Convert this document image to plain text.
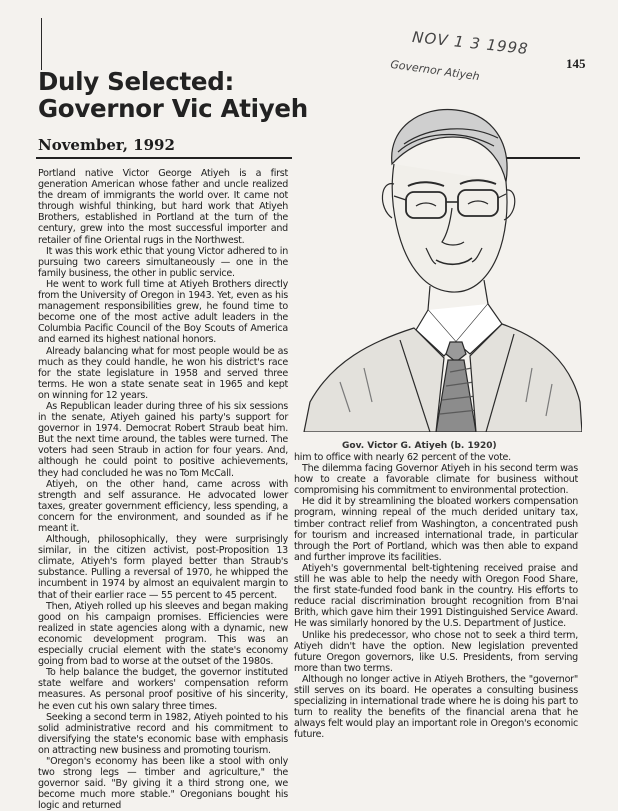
NOV 1 3 1998
Governor Atiyeh	145
Duly Selected:
Governor Vic Atiyeh
November, 1992
Gov. Victor G. Atiyeh (b. 1920)

Portland native Victor George Atiyeh is a first generation American whose father and uncle realized the dream of immigrants the world over. It came not through wishful thinking, but hard work that Atiyeh Brothers, established in Portland at the turn of the century, grew into the most successful importer and retailer of fine Oriental rugs in the Northwest.

It was this work ethic that young Victor adhered to in pursuing two careers simultaneously — one in the family business, the other in public service.

He went to work full time at Atiyeh Brothers directly from the University of Oregon in 1943. Yet, even as his management responsibilities grew, he found time to become one of the most active adult leaders in the Columbia Pacific Council of the Boy Scouts of America and earned its highest national honors.

Already balancing what for most people would be as much as they could handle, he won his district's race for the state legislature in 1958 and served three terms. He won a state senate seat in 1965 and kept on winning for 12 years.

As Republican leader during three of his six sessions in the senate, Atiyeh gained his party's support for governor in 1974. Democrat Robert Straub beat him. But the next time around, the tables were turned. The voters had seen Straub in action for four years. And, although he could point to positive achievements, they had concluded he was no Tom McCall.

Atiyeh, on the other hand, came across with strength and self assurance. He advocated lower taxes, greater government efficiency, less spending, a concern for the environment, and sounded as if he meant it.

Although, philosophically, they were surprisingly similar, in the citizen activist, post-Proposition 13 climate, Atiyeh's form played better than Straub's substance. Pulling a reversal of 1970, he whipped the incumbent in 1974 by almost an equivalent margin to that of their earlier race — 55 percent to 45 percent.

Then, Atiyeh rolled up his sleeves and began making good on his campaign promises. Efficiencies were realized in state agencies along with a dynamic, new economic development program. This was an especially crucial element with the state's economy going from bad to worse at the outset of the 1980s.

To help balance the budget, the governor instituted state welfare and workers' compensation reform measures. As personal proof positive of his sincerity, he even cut his own salary three times.

Seeking a second term in 1982, Atiyeh pointed to his solid administrative record and his commitment to diversifying the state's economic base with emphasis on attracting new business and promoting tourism.

"Oregon's economy has been like a stool with only two strong legs — timber and agriculture," the governor said. "By giving it a third strong one, we become much more stable." Oregonians bought his logic and returned

him to office with nearly 62 percent of the vote.

The dilemma facing Governor Atiyeh in his second term was how to create a favorable climate for business without compromising his commitment to environmental protection.

He did it by streamlining the bloated workers compensation program, winning repeal of the much derided unitary tax, timber contract relief from Washington, a concentrated push for tourism and increased international trade, in particular through the Port of Portland, which was then able to expand and further improve its facilities.

Atiyeh's governmental belt-tightening received praise and still he was able to help the needy with Oregon Food Share, the first state-funded food bank in the country. His efforts to reduce racial discrimination brought recognition from B'nai Brith, which gave him their 1991 Distinguished Service Award. He was similarly honored by the U.S. Department of Justice.

Unlike his predecessor, who chose not to seek a third term, Atiyeh didn't have the option. New legislation prevented future Oregon governors, like U.S. Presidents, from serving more than two terms.

Although no longer active in Atiyeh Brothers, the "governor" still serves on its board. He operates a consulting business specializing in international trade where he is doing his part to turn to reality the benefits of the financial arena that he always felt would play an important role in Oregon's economic future.
